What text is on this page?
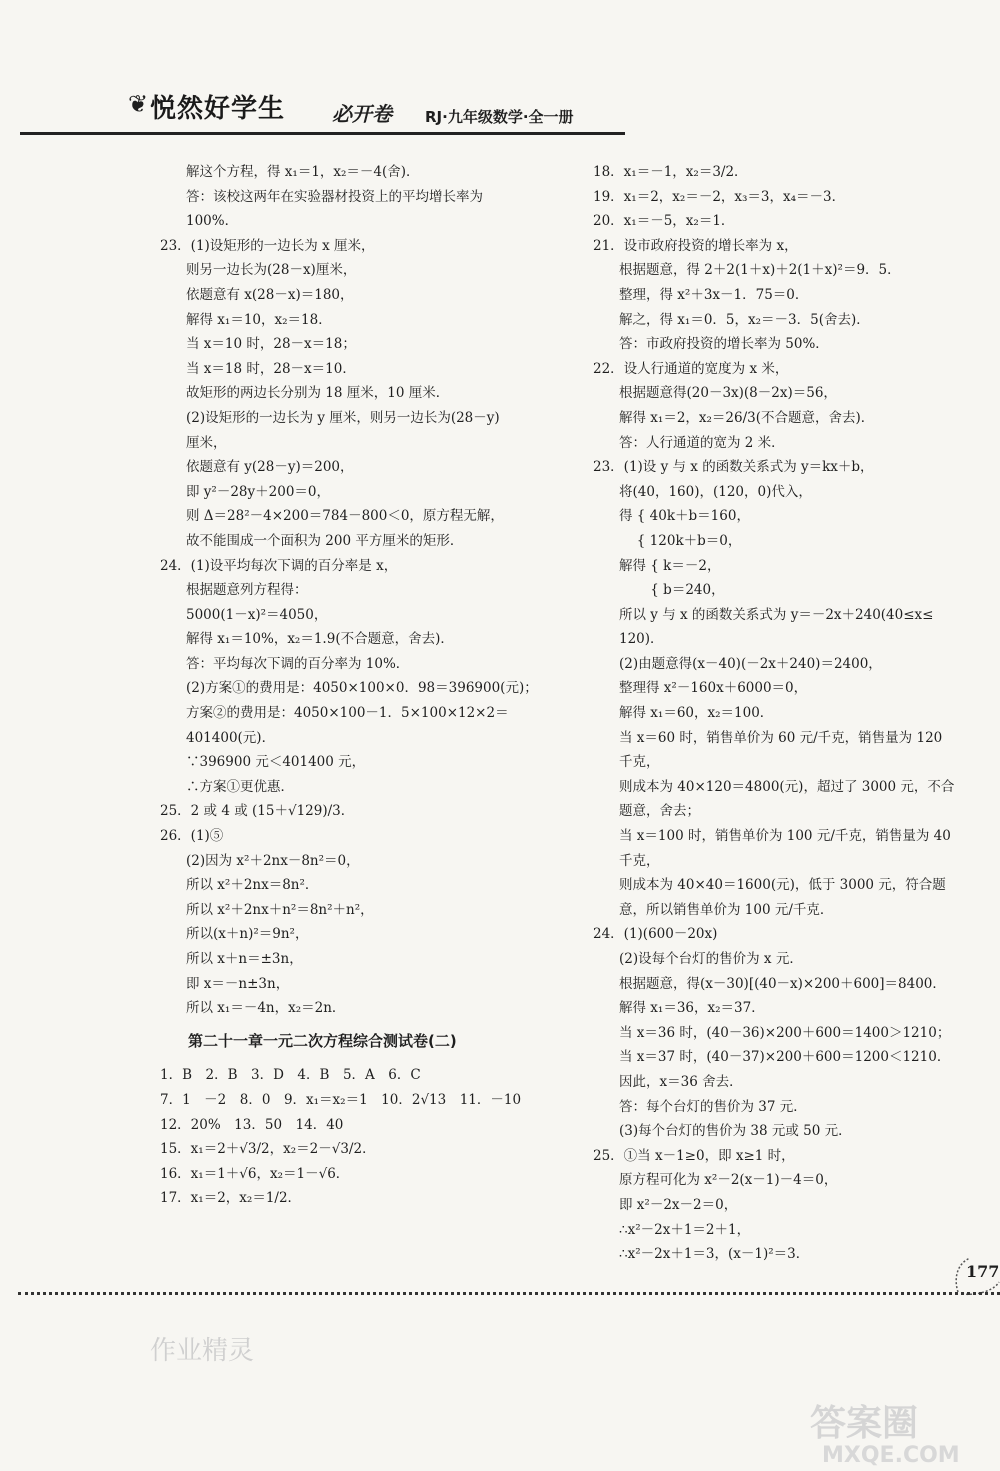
❦ 悦然好学生 必开卷 RJ·九年级数学·全一册
解这个方程，得 x₁＝1，x₂＝－4(舍)．
答：该校这两年在实验器材投资上的平均增长率为
100%．
23．(1)设矩形的一边长为 x 厘米，
则另一边长为(28－x)厘米，
依题意有 x(28－x)＝180，
解得 x₁＝10，x₂＝18．
当 x＝10 时，28－x＝18；
当 x＝18 时，28－x＝10．
故矩形的两边长分别为 18 厘米，10 厘米．
(2)设矩形的一边长为 y 厘米，则另一边长为(28－y)
厘米，
依题意有 y(28－y)＝200，
即 y²－28y＋200＝0，
则 Δ＝28²－4×200＝784－800＜0，原方程无解，
故不能围成一个面积为 200 平方厘米的矩形．
24．(1)设平均每次下调的百分率是 x，
根据题意列方程得：
5000(1－x)²＝4050，
解得 x₁＝10%，x₂＝1.9(不合题意，舍去)．
答：平均每次下调的百分率为 10%．
(2)方案①的费用是：4050×100×0．98＝396900(元)；
方案②的费用是：4050×100－1．5×100×12×2＝
401400(元)．
∵396900 元＜401400 元，
∴方案①更优惠．
25．2 或 4 或 (15＋√129)/3．
26．(1)⑤
(2)因为 x²＋2nx－8n²＝0，
所以 x²＋2nx＝8n²．
所以 x²＋2nx＋n²＝8n²＋n²，
所以(x＋n)²＝9n²，
所以 x＋n＝±3n，
即 x＝－n±3n，
所以 x₁＝－4n，x₂＝2n．
第二十一章一元二次方程综合测试卷(二)
1．B　2．B　3．D　4．B　5．A　6．C
7．1　－2　8．0　9．x₁＝x₂＝1　10．2√13　11．－10
12．20%　13．50　14．40
15．x₁＝2＋√3/2，x₂＝2－√3/2．
16．x₁＝1＋√6，x₂＝1－√6．
17．x₁＝2，x₂＝1/2．
18．x₁＝－1，x₂＝3/2．
19．x₁＝2，x₂＝－2，x₃＝3，x₄＝－3．
20．x₁＝－5，x₂＝1．
21．设市政府投资的增长率为 x，
根据题意，得 2＋2(1＋x)＋2(1＋x)²＝9．5．
整理，得 x²＋3x－1．75＝0．
解之，得 x₁＝0．5，x₂＝－3．5(舍去)．
答：市政府投资的增长率为 50%．
22．设人行通道的宽度为 x 米，
根据题意得(20－3x)(8－2x)＝56，
解得 x₁＝2，x₂＝26/3(不合题意，舍去)．
答：人行通道的宽为 2 米．
23．(1)设 y 与 x 的函数关系式为 y＝kx＋b，
将(40，160)，(120，0)代入，
得 { 40k＋b＝160，
　 { 120k＋b＝0，
解得 { k＝－2，
　　 { b＝240，
所以 y 与 x 的函数关系式为 y＝－2x＋240(40≤x≤
120)．
(2)由题意得(x－40)(－2x＋240)＝2400，
整理得 x²－160x＋6000＝0，
解得 x₁＝60，x₂＝100．
当 x＝60 时，销售单价为 60 元/千克，销售量为 120
千克，
则成本为 40×120＝4800(元)，超过了 3000 元，不合
题意，舍去；
当 x＝100 时，销售单价为 100 元/千克，销售量为 40
千克，
则成本为 40×40＝1600(元)，低于 3000 元，符合题
意，所以销售单价为 100 元/千克．
24．(1)(600－20x)
(2)设每个台灯的售价为 x 元．
根据题意，得(x－30)[(40－x)×200＋600]＝8400．
解得 x₁＝36，x₂＝37．
当 x＝36 时，(40－36)×200＋600＝1400＞1210；
当 x＝37 时，(40－37)×200＋600＝1200＜1210．
因此，x＝36 舍去．
答：每个台灯的售价为 37 元．
(3)每个台灯的售价为 38 元或 50 元．
25．①当 x－1≥0，即 x≥1 时，
原方程可化为 x²－2(x－1)－4＝0，
即 x²－2x－2＝0，
∴x²－2x＋1＝2＋1，
∴x²－2x＋1＝3，(x－1)²＝3．
177
作业精灵
答案圈
MXQE.COM
